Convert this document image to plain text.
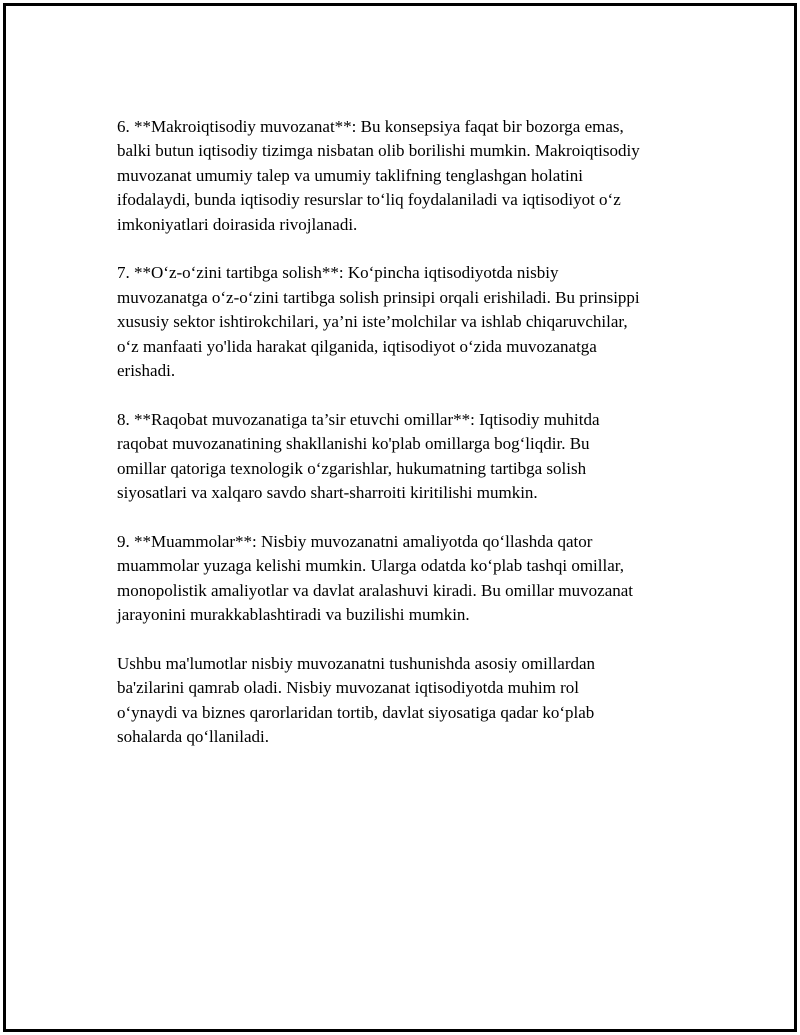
6. **Makroiqtisodiy muvozanat**: Bu konsepsiya faqat bir bozorga emas,
balki butun iqtisodiy tizimga nisbatan olib borilishi mumkin. Makroiqtisodiy
muvozanat umumiy talep va umumiy taklifning tenglashgan holatini
ifodalaydi, bunda iqtisodiy resurslar to‘liq foydalaniladi va iqtisodiyot o‘z
imkoniyatlari doirasida rivojlanadi.

7. **O‘z-o‘zini tartibga solish**: Ko‘pincha iqtisodiyotda nisbiy
muvozanatga o‘z-o‘zini tartibga solish prinsipi orqali erishiladi. Bu prinsippi
xususiy sektor ishtirokchilari, ya’ni iste’molchilar va ishlab chiqaruvchilar,
o‘z manfaati yo'lida harakat qilganida, iqtisodiyot o‘zida muvozanatga
erishadi.

8. **Raqobat muvozanatiga ta’sir etuvchi omillar**: Iqtisodiy muhitda
raqobat muvozanatining shakllanishi ko'plab omillarga bog‘liqdir. Bu
omillar qatoriga texnologik o‘zgarishlar, hukumatning tartibga solish
siyosatlari va xalqaro savdo shart-sharroiti kiritilishi mumkin.

9. **Muammolar**: Nisbiy muvozanatni amaliyotda qo‘llashda qator
muammolar yuzaga kelishi mumkin. Ularga odatda ko‘plab tashqi omillar,
monopolistik amaliyotlar va davlat aralashuvi kiradi. Bu omillar muvozanat
jarayonini murakkablashtiradi va buzilishi mumkin.

Ushbu ma'lumotlar nisbiy muvozanatni tushunishda asosiy omillardan
ba'zilarini qamrab oladi. Nisbiy muvozanat iqtisodiyotda muhim rol
o‘ynaydi va biznes qarorlaridan tortib, davlat siyosatiga qadar ko‘plab
sohalarda qo‘llaniladi.
